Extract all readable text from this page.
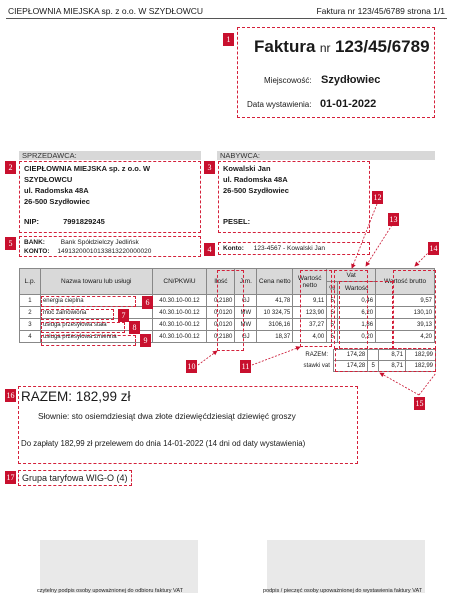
CIEPŁOWNIA MIEJSKA sp. z o.o. W SZYDŁOWCU	Faktura nr 123/45/6789 strona 1/1
1 Faktura nr 123/45/6789
Miejscowość: Szydłowiec
Data wystawienia: 01-01-2022
SPRZEDAWCA:	NABYWCA:
2	CIEPŁOWNIA MIEJSKA sp. z o.o. W
SZYDŁOWCU
ul. Radomska 48A
26-500 Szydłowiec
NIP:	7991829245
5	BANK: Bank Spółdzielczy Jedlińsk
KONTO: 14913200010133813220000020
3	Kowalski Jan
ul. Radomska 48A
26-500 Szydłowiec
PESEL:
4	Konto: 123-4567 - Kowalski Jan
12
13
14
L.p.	Nazwa towaru lub usługi	CN/PKWiU	Ilość	J.m.	Cena netto	Wartość netto	Vat		Wartość brutto
							%	Wartość	
1	energia cieplna	40.30.10-00.12	0,2180	GJ	41,78	9,11	5	0,46	9,57
2	moc zamówiona	40.30.10-00.12	0,0120	MW	10 324,75	123,90	5	6,20	130,10
3	usługa przesyłowa stała	40.30.10-00.12	0,0120	MW	3106,16	37,27	5	1,86	39,13
4	usługa przesyłowa zmienna	40.30.10-00.12	0,2180	GJ	18,37	4,00	5	0,20	4,20
6
7
8
9
RAZEM:	174,28		8,71	182,99
stawki vat	174,28	5	8,71	182,99
10	11
15
16 RAZEM: 182,99 zł
Słownie: sto osiemdziesiąt dwa złote dziewięćdziesiąt dziewięć groszy
Do zapłaty 182,99 zł przelewem do dnia 14-01-2022 (14 dni od daty wystawienia)
17 Grupa taryfowa WIG-O (4)
czytelny podpis osoby upoważnionej do odbioru faktury VAT	podpis / pieczęć osoby upoważnionej do wystawienia faktury VAT
